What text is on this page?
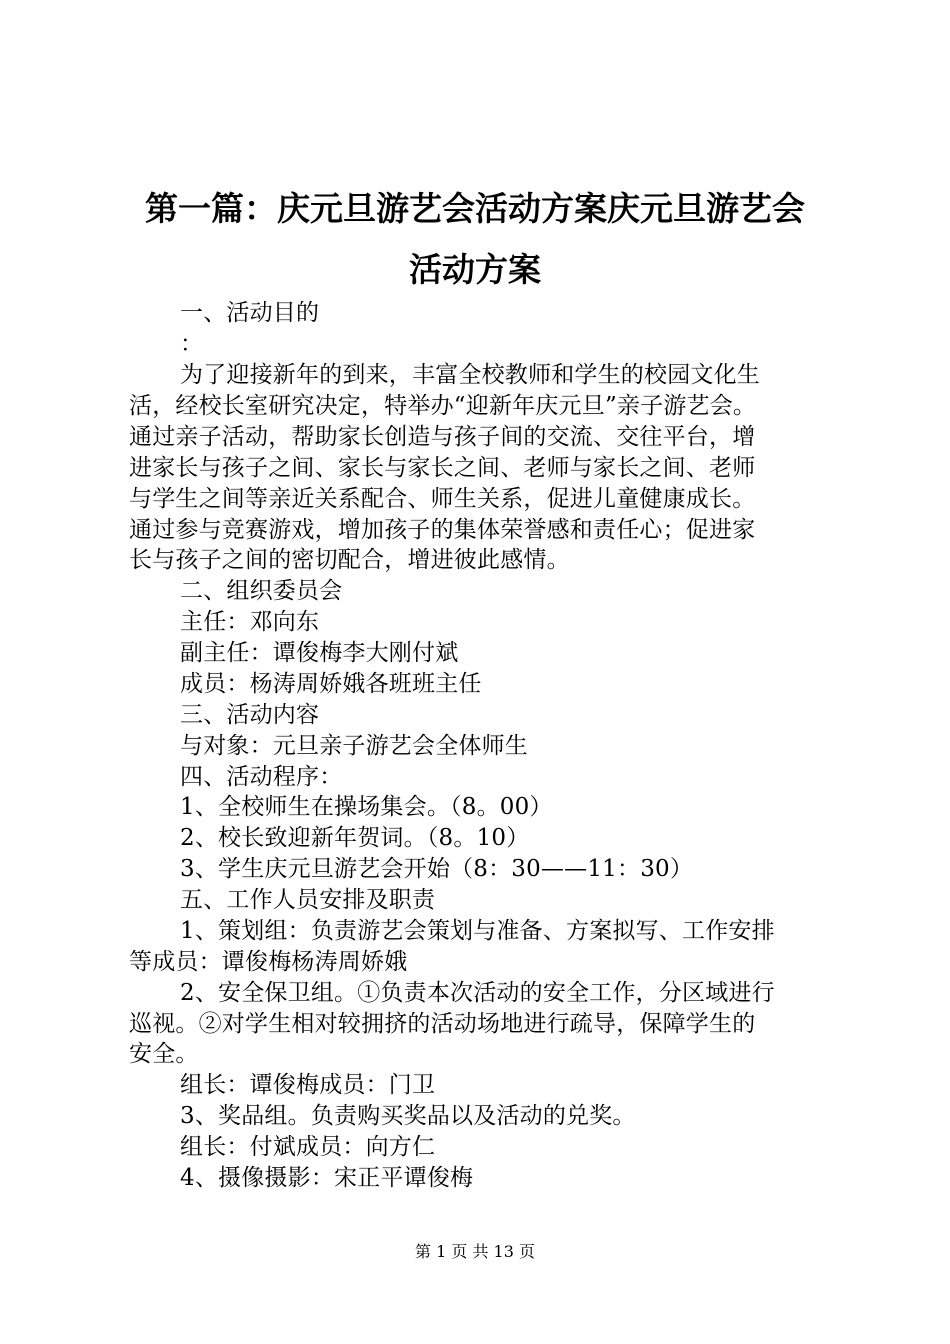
第一篇：庆元旦游艺会活动方案庆元旦游艺会
活动方案
一、活动目的
：
为了迎接新年的到来，丰富全校教师和学生的校园文化生
活，经校长室研究决定，特举办“迎新年庆元旦”亲子游艺会。
通过亲子活动，帮助家长创造与孩子间的交流、交往平台，增
进家长与孩子之间、家长与家长之间、老师与家长之间、老师
与学生之间等亲近关系配合、师生关系，促进儿童健康成长。
通过参与竞赛游戏，增加孩子的集体荣誉感和责任心；促进家
长与孩子之间的密切配合，增进彼此感情。
二、组织委员会
主任：邓向东
副主任：谭俊梅李大刚付斌
成员：杨涛周娇娥各班班主任
三、活动内容
与对象：元旦亲子游艺会全体师生
四、活动程序：
1、全校师生在操场集会。（8。00）
2、校长致迎新年贺词。（8。10）
3、学生庆元旦游艺会开始（8：30——11：30）
五、工作人员安排及职责
1、策划组：负责游艺会策划与准备、方案拟写、工作安排
等成员：谭俊梅杨涛周娇娥
2、安全保卫组。①负责本次活动的安全工作，分区域进行
巡视。②对学生相对较拥挤的活动场地进行疏导，保障学生的
安全。
组长：谭俊梅成员：门卫
3、奖品组。负责购买奖品以及活动的兑奖。
组长：付斌成员：向方仁
4、摄像摄影：宋正平谭俊梅
第 1 页 共 13 页
